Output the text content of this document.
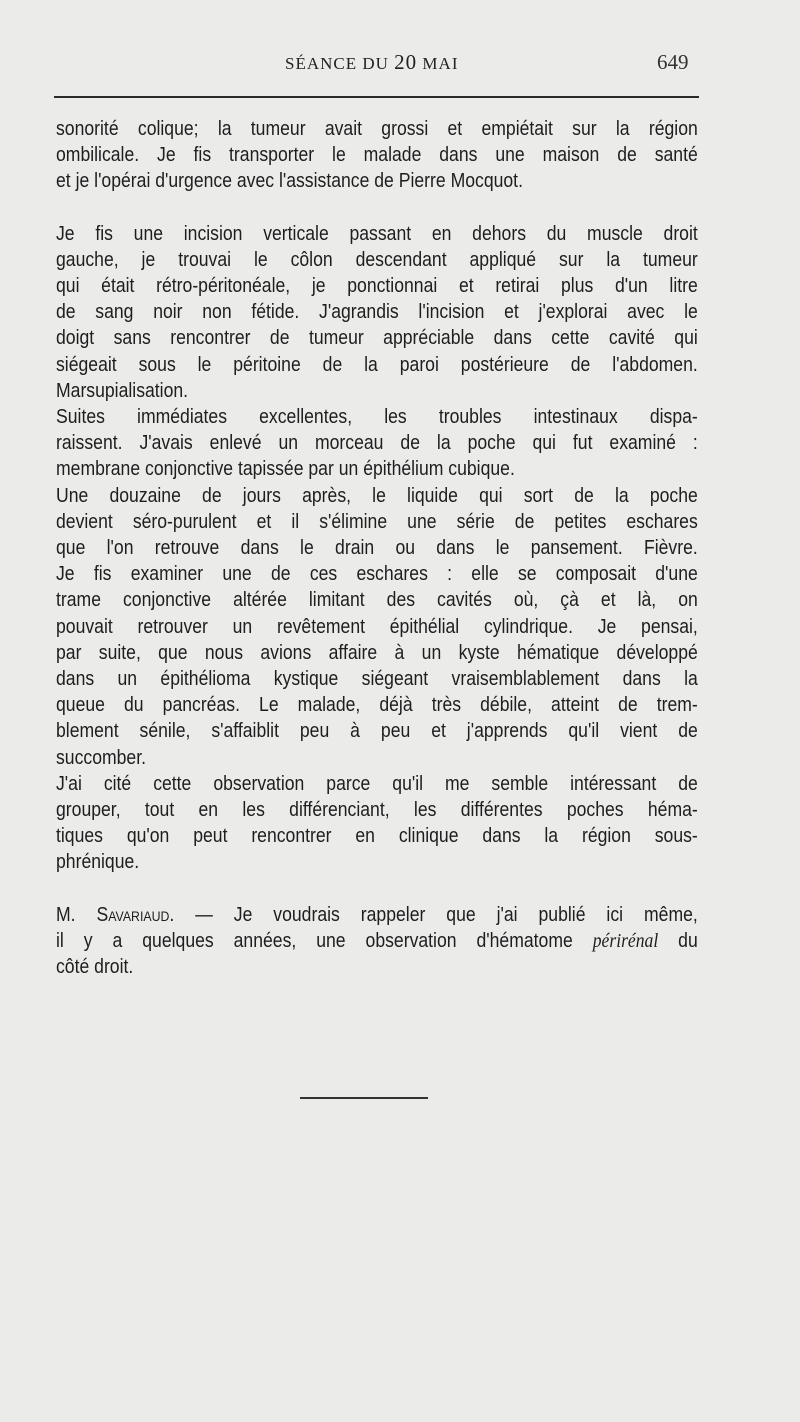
SÉANCE DU 20 MAI	649

sonorité colique; la tumeur avait grossi et empiétait sur la région
ombilicale. Je fis transporter le malade dans une maison de santé
et je l'opérai d'urgence avec l'assistance de Pierre Mocquot.

Je fis une incision verticale passant en dehors du muscle droit
gauche, je trouvai le côlon descendant appliqué sur la tumeur
qui était rétro-péritonéale, je ponctionnai et retirai plus d'un litre
de sang noir non fétide. J'agrandis l'incision et j'explorai avec le
doigt sans rencontrer de tumeur appréciable dans cette cavité qui
siégeait sous le péritoine de la paroi postérieure de l'abdomen.
Marsupialisation.

Suites immédiates excellentes, les troubles intestinaux dispa-
raissent. J'avais enlevé un morceau de la poche qui fut examiné :
membrane conjonctive tapissée par un épithélium cubique.

Une douzaine de jours après, le liquide qui sort de la poche
devient séro-purulent et il s'élimine une série de petites eschares
que l'on retrouve dans le drain ou dans le pansement. Fièvre.
Je fis examiner une de ces eschares : elle se composait d'une
trame conjonctive altérée limitant des cavités où, çà et là, on
pouvait retrouver un revêtement épithélial cylindrique. Je pensai,
par suite, que nous avions affaire à un kyste hématique développé
dans un épithélioma kystique siégeant vraisemblablement dans la
queue du pancréas. Le malade, déjà très débile, atteint de trem-
blement sénile, s'affaiblit peu à peu et j'apprends qu'il vient de
succomber.

J'ai cité cette observation parce qu'il me semble intéressant de
grouper, tout en les différenciant, les différentes poches héma-
tiques qu'on peut rencontrer en clinique dans la région sous-
phrénique.

M. Savariaud. — Je voudrais rappeler que j'ai publié ici même,
il y a quelques années, une observation d'hématome périrénal du
côté droit.
